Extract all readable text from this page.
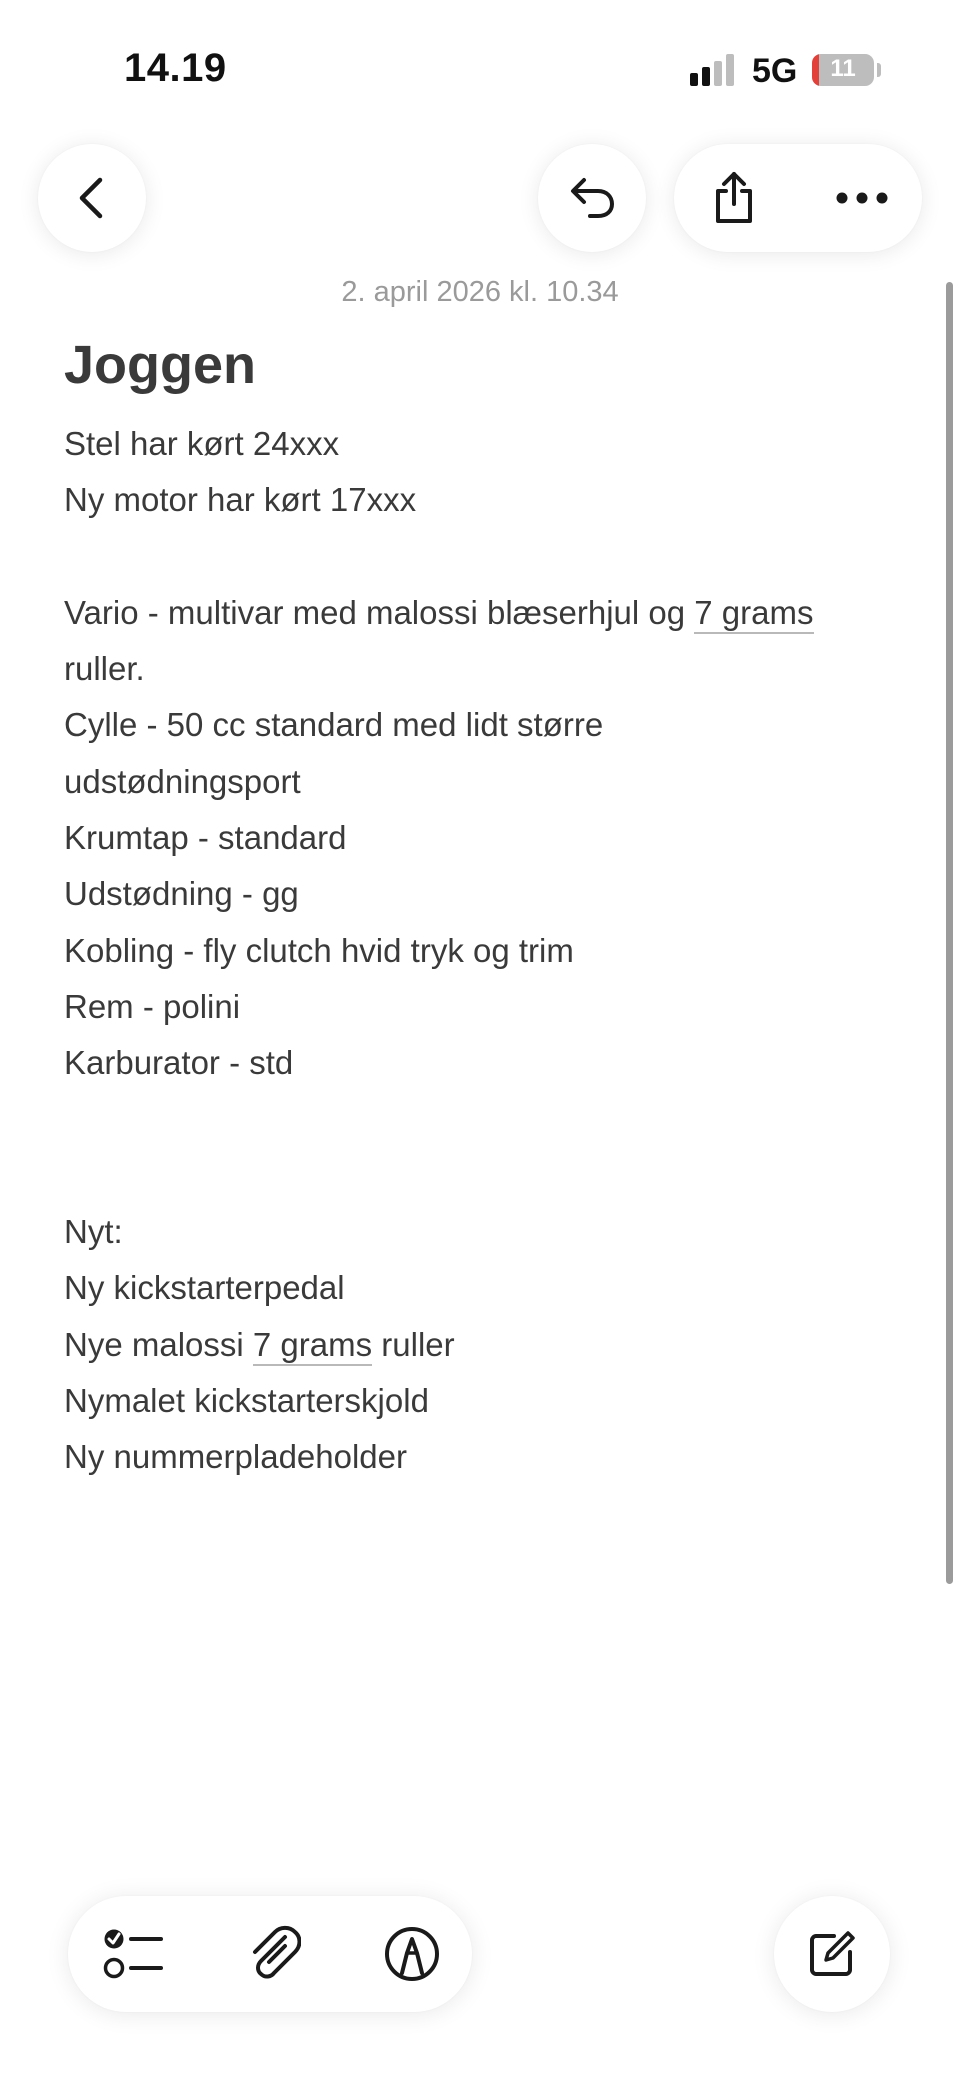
14.19	5G	11
2. april 2026 kl. 10.34
Joggen
Stel har kørt 24xxx
Ny motor har kørt 17xxx
Vario - multivar med malossi blæserhjul og 7 grams
ruller.
Cylle - 50 cc standard med lidt større
udstødningsport
Krumtap - standard
Udstødning - gg
Kobling - fly clutch hvid tryk og trim
Rem - polini
Karburator - std
Nyt:
Ny kickstarterpedal
Nye malossi 7 grams ruller
Nymalet kickstarterskjold
Ny nummerpladeholder
